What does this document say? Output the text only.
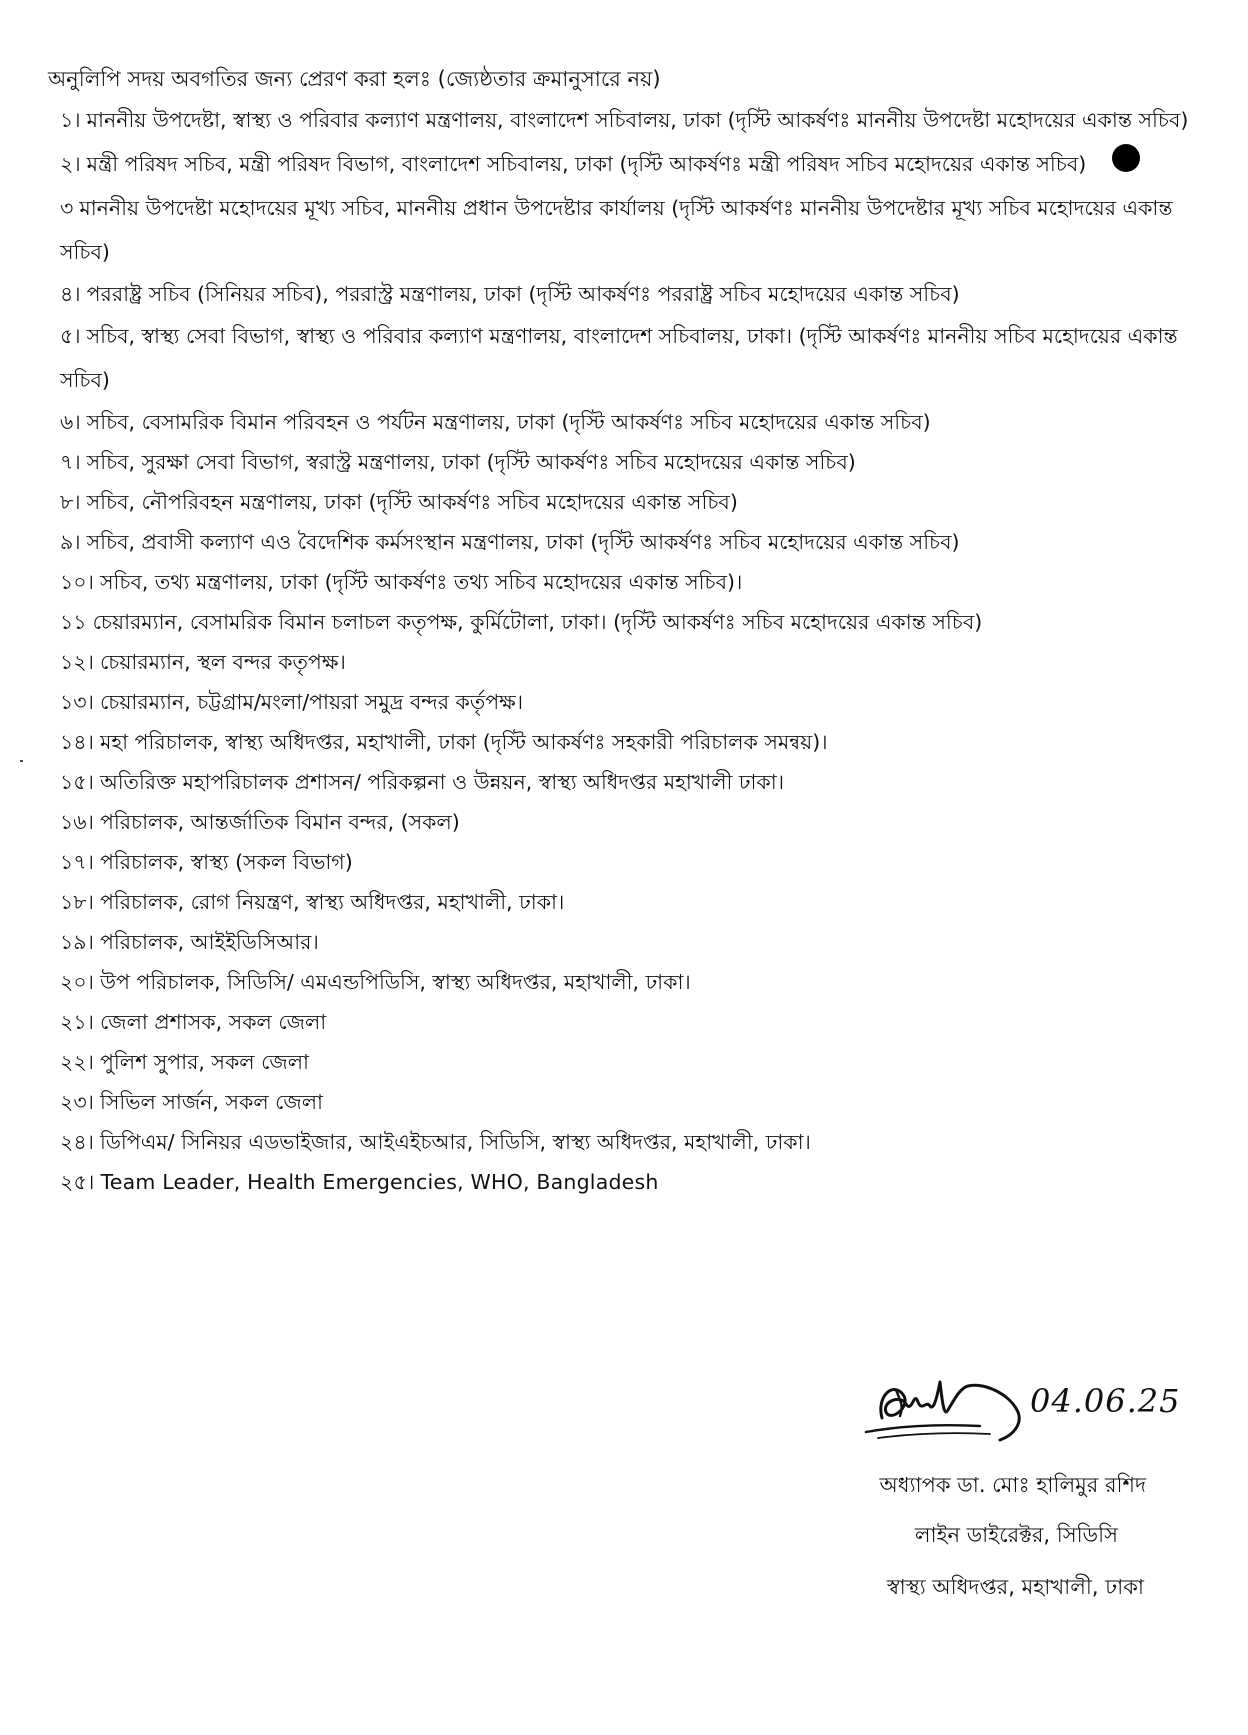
অনুলিপি সদয় অবগতির জন্য প্রেরণ করা হলঃ (জ্যেষ্ঠতার ক্রমানুসারে নয়)
১। মাননীয় উপদেষ্টা, স্বাস্থ্য ও পরিবার কল্যাণ মন্ত্রণালয়, বাংলাদেশ সচিবালয়, ঢাকা (দৃস্টি আকর্ষণঃ মাননীয় উপদেষ্টা মহোদয়ের একান্ত সচিব)
২। মন্ত্রী পরিষদ সচিব, মন্ত্রী পরিষদ বিভাগ, বাংলাদেশ সচিবালয়, ঢাকা (দৃস্টি আকর্ষণঃ মন্ত্রী পরিষদ সচিব মহোদয়ের একান্ত সচিব)
৩ মাননীয় উপদেষ্টা মহোদয়ের মূখ্য সচিব, মাননীয় প্রধান উপদেষ্টার কার্যালয় (দৃস্টি আকর্ষণঃ মাননীয় উপদেষ্টার মূখ্য সচিব মহোদয়ের একান্ত সচিব)
৪। পররাষ্ট্র সচিব (সিনিয়র সচিব), পররাস্ট্র মন্ত্রণালয়, ঢাকা (দৃস্টি আকর্ষণঃ পররাষ্ট্র সচিব মহোদয়ের একান্ত সচিব)
৫। সচিব, স্বাস্থ্য সেবা বিভাগ, স্বাস্থ্য ও পরিবার কল্যাণ মন্ত্রণালয়, বাংলাদেশ সচিবালয়, ঢাকা। (দৃস্টি আকর্ষণঃ মাননীয় সচিব মহোদয়ের একান্ত সচিব)
৬। সচিব, বেসামরিক বিমান পরিবহন ও পর্যটন মন্ত্রণালয়, ঢাকা (দৃস্টি আকর্ষণঃ সচিব মহোদয়ের একান্ত সচিব)
৭। সচিব, সুরক্ষা সেবা বিভাগ, স্বরাস্ট্র মন্ত্রণালয়, ঢাকা (দৃস্টি আকর্ষণঃ সচিব মহোদয়ের একান্ত সচিব)
৮। সচিব, নৌপরিবহন মন্ত্রণালয়, ঢাকা (দৃস্টি আকর্ষণঃ সচিব মহোদয়ের একান্ত সচিব)
৯। সচিব, প্রবাসী কল্যাণ এও বৈদেশিক কর্মসংস্থান মন্ত্রণালয়, ঢাকা (দৃস্টি আকর্ষণঃ সচিব মহোদয়ের একান্ত সচিব)
১০। সচিব, তথ্য মন্ত্রণালয়, ঢাকা (দৃস্টি আকর্ষণঃ তথ্য সচিব মহোদয়ের একান্ত সচিব)।
১১ চেয়ারম্যান, বেসামরিক বিমান চলাচল কতৃপক্ষ, কুর্মিটোলা, ঢাকা। (দৃস্টি আকর্ষণঃ সচিব মহোদয়ের একান্ত সচিব)
১২। চেয়ারম্যান, স্থল বন্দর কতৃপক্ষ।
১৩। চেয়ারম্যান, চট্টগ্রাম/মংলা/পায়রা সমুদ্র বন্দর কর্তৃপক্ষ।
১৪। মহা পরিচালক, স্বাস্থ্য অধিদপ্তর, মহাখালী, ঢাকা (দৃস্টি আকর্ষণঃ সহকারী পরিচালক সমন্বয়)।
১৫। অতিরিক্ত মহাপরিচালক প্রশাসন/ পরিকল্পনা ও উন্নয়ন, স্বাস্থ্য অধিদপ্তর মহাখালী ঢাকা।
১৬। পরিচালক, আন্তর্জাতিক বিমান বন্দর, (সকল)
১৭। পরিচালক, স্বাস্থ্য (সকল বিভাগ)
১৮। পরিচালক, রোগ নিয়ন্ত্রণ, স্বাস্থ্য অধিদপ্তর, মহাখালী, ঢাকা।
১৯। পরিচালক, আইইডিসিআর।
২০। উপ পরিচালক, সিডিসি/ এমএন্ডপিডিসি, স্বাস্থ্য অধিদপ্তর, মহাখালী, ঢাকা।
২১। জেলা প্রশাসক, সকল জেলা
২২। পুলিশ সুপার, সকল জেলা
২৩। সিভিল সার্জন, সকল জেলা
২৪। ডিপিএম/ সিনিয়র এডভাইজার, আইএইচআর, সিডিসি, স্বাস্থ্য অধিদপ্তর, মহাখালী, ঢাকা।
২৫। Team Leader, Health Emergencies, WHO, Bangladesh
04.06.25
অধ্যাপক ডা. মোঃ হালিমুর রশিদ
লাইন ডাইরেক্টর, সিডিসি
স্বাস্থ্য অধিদপ্তর, মহাখালী, ঢাকা
